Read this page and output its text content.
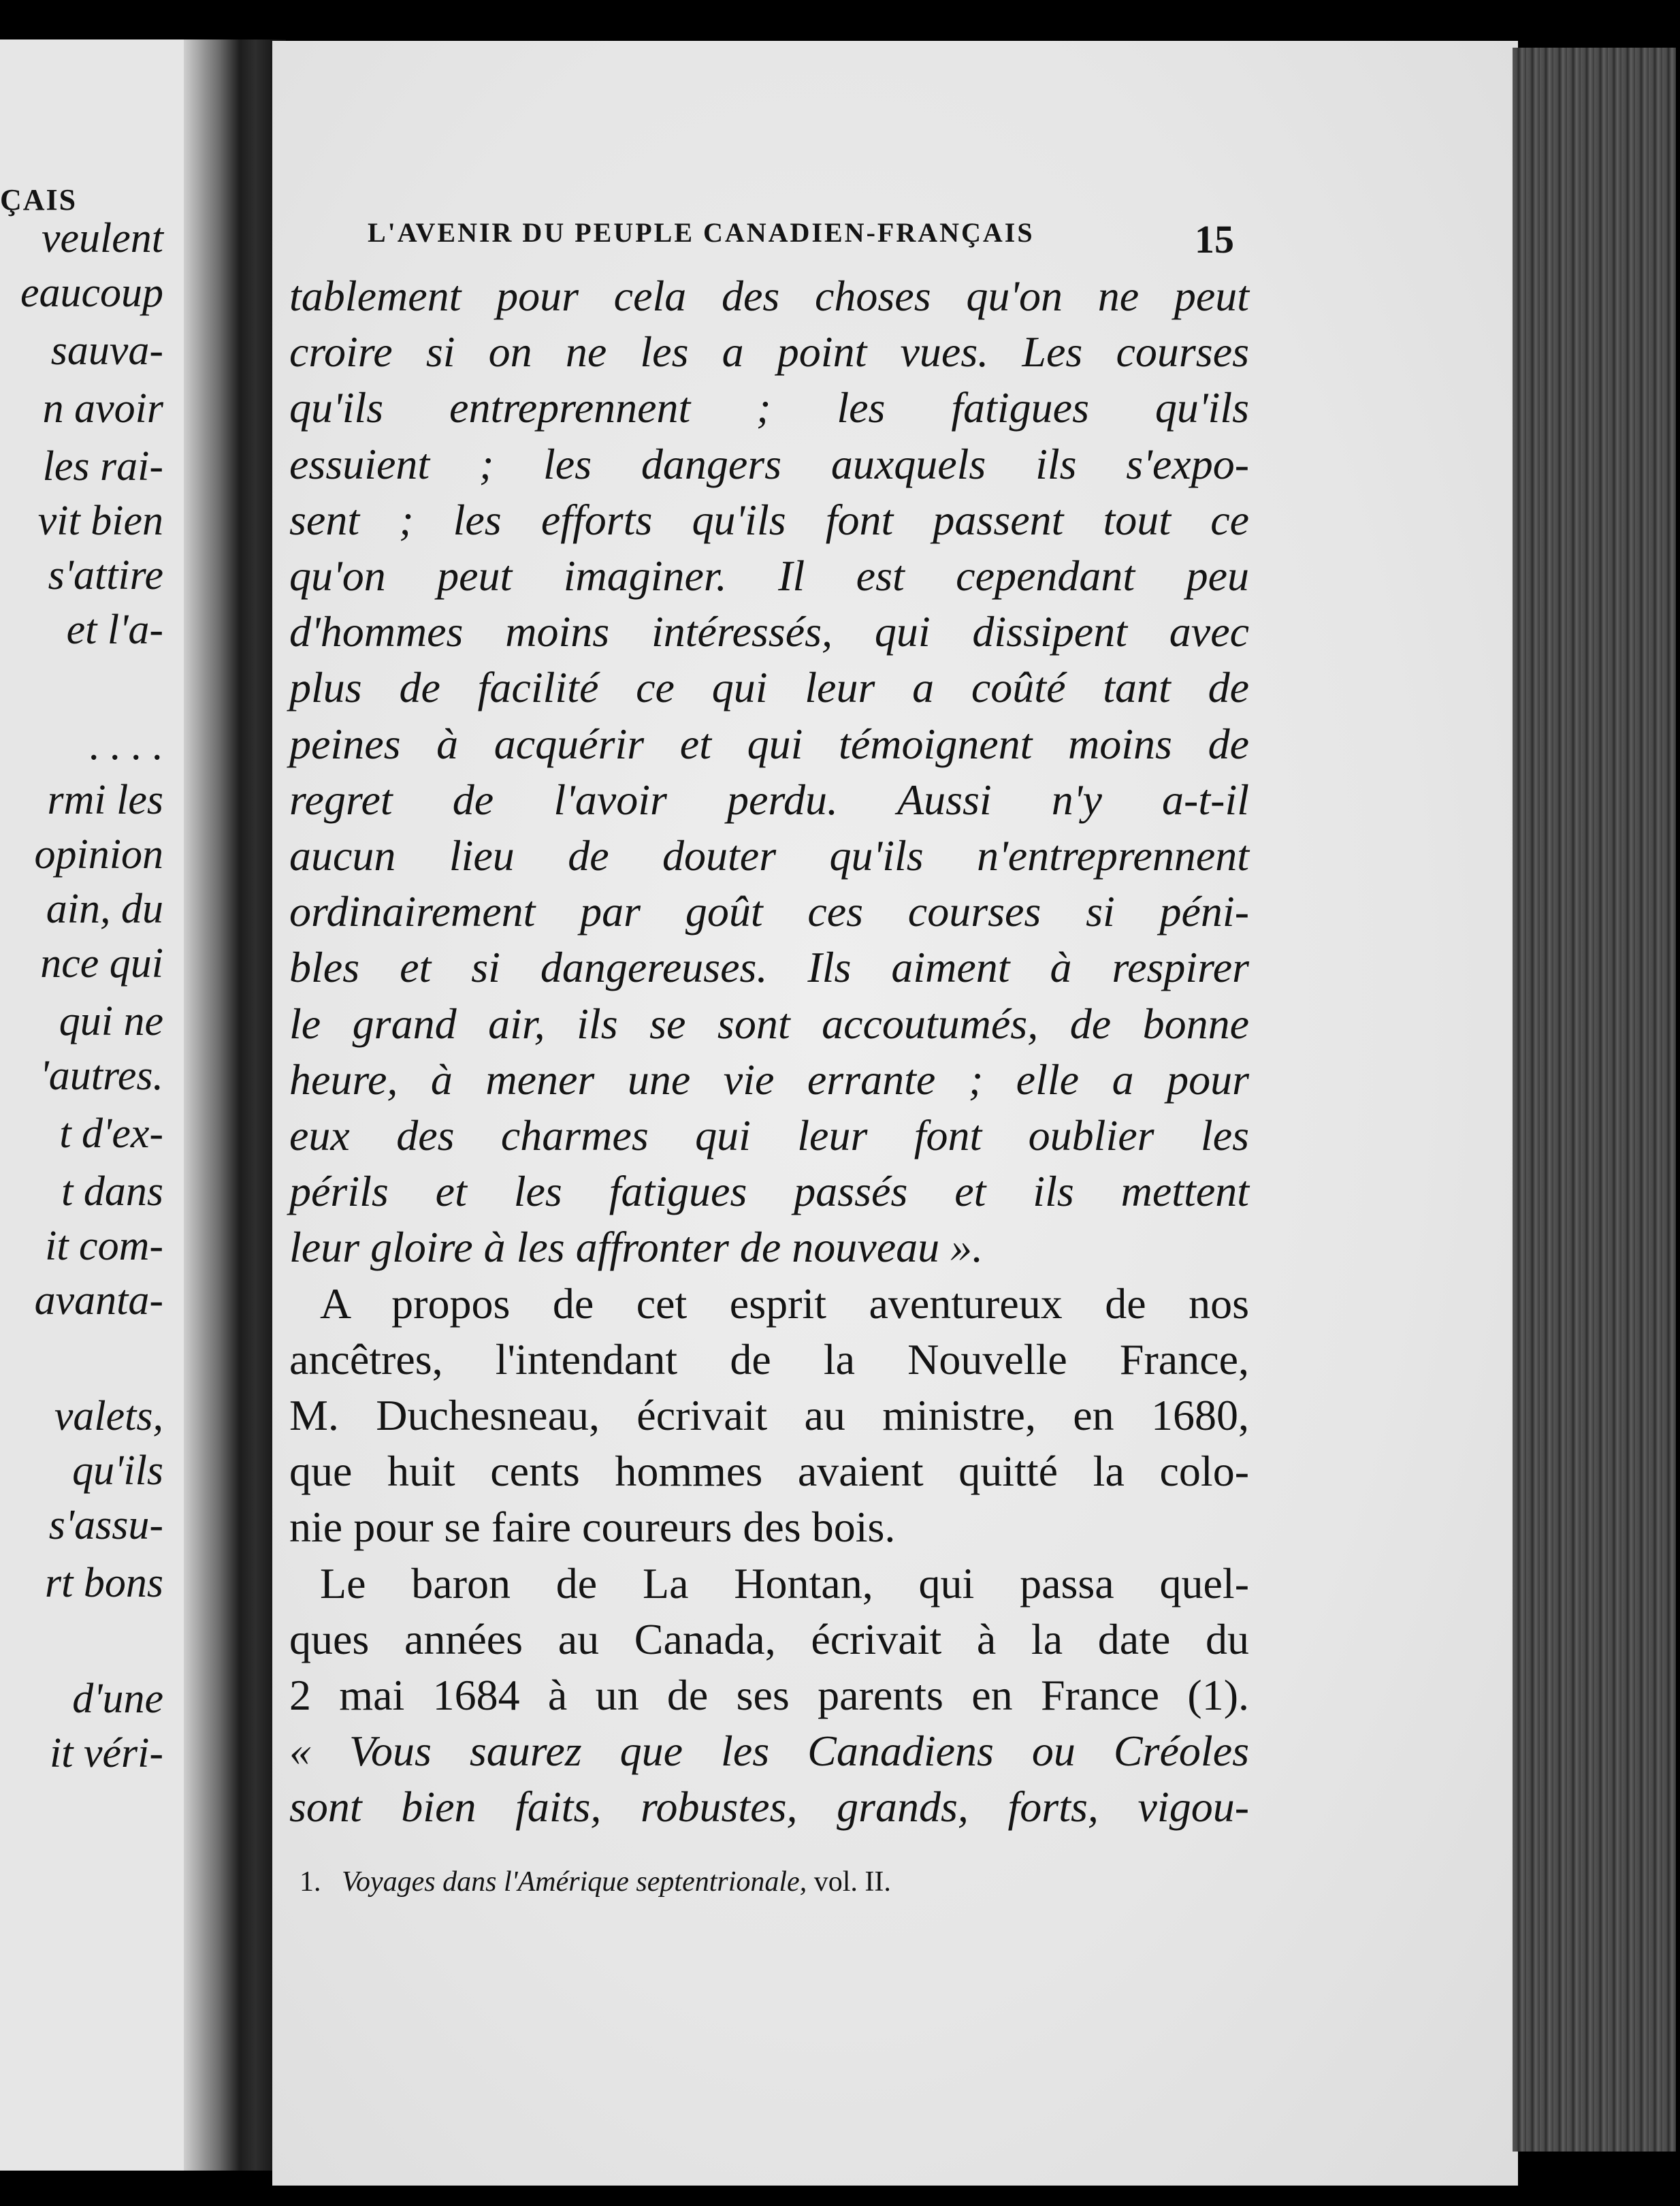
ÇAIS
veulent
eaucoup
sauva-
n avoir
les rai-
vit bien
s'attire
et l'a-
. . . .
rmi les
opinion
ain, du
nce qui
qui ne
'autres.
t d'ex-
t dans
it com-
avanta-
valets,
qu'ils
s'assu-
rt bons
d'une
it véri-
L'AVENIR DU PEUPLE CANADIEN-FRANÇAIS	15
tablement pour cela des choses qu'on ne peut
croire si on ne les a point vues. Les courses
qu'ils entreprennent ; les fatigues qu'ils
essuient ; les dangers auxquels ils s'expo-
sent ; les efforts qu'ils font passent tout ce
qu'on peut imaginer. Il est cependant peu
d'hommes moins intéressés, qui dissipent avec
plus de facilité ce qui leur a coûté tant de
peines à acquérir et qui témoignent moins de
regret de l'avoir perdu. Aussi n'y a-t-il
aucun lieu de douter qu'ils n'entreprennent
ordinairement par goût ces courses si péni-
bles et si dangereuses. Ils aiment à respirer
le grand air, ils se sont accoutumés, de bonne
heure, à mener une vie errante ; elle a pour
eux des charmes qui leur font oublier les
périls et les fatigues passés et ils mettent
leur gloire à les affronter de nouveau ».
A propos de cet esprit aventureux de nos
ancêtres, l'intendant de la Nouvelle France,
M. Duchesneau, écrivait au ministre, en 1680,
que huit cents hommes avaient quitté la colo-
nie pour se faire coureurs des bois.
Le baron de La Hontan, qui passa quel-
ques années au Canada, écrivait à la date du
2 mai 1684 à un de ses parents en France (1).
« Vous saurez que les Canadiens ou Créoles
sont bien faits, robustes, grands, forts, vigou-
1. Voyages dans l'Amérique septentrionale, vol. II.
